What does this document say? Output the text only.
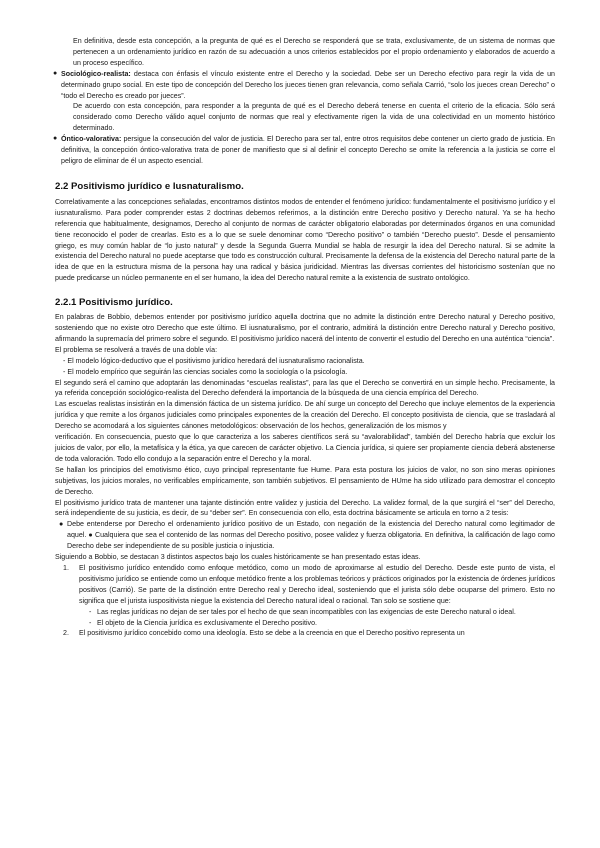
En definitiva, desde esta concepción, a la pregunta de qué es el Derecho se responderá que se trata, exclusivamente, de un sistema de normas que pertenecen a un ordenamiento jurídico en razón de su adecuación a unos criterios establecidos por el propio ordenamiento y elaborados de acuerdo a un proceso específico.

● Sociológico-realista: destaca con énfasis el vínculo existente entre el Derecho y la sociedad. Debe ser un Derecho efectivo para regir la vida de un determinado grupo social. En este tipo de concepción del Derecho los jueces tienen gran relevancia, como señala Carrió, “solo los jueces crean Derecho” o “todo el Derecho es creado por jueces”.
De acuerdo con esta concepción, para responder a la pregunta de qué es el Derecho deberá tenerse en cuenta el criterio de la eficacia. Sólo será considerado como Derecho válido aquel conjunto de normas que real y efectivamente rigen la vida de una colectividad en un momento histórico determinado.
● Óntico-valorativa: persigue la consecución del valor de justicia. El Derecho para ser tal, entre otros requisitos debe contener un cierto grado de justicia. En definitiva, la concepción óntico-valorativa trata de poner de manifiesto que si al definir el concepto Derecho se omite la referencia a la justicia se corre el peligro de eliminar de él un aspecto esencial.
2.2 Positivismo jurídico e Iusnaturalismo.

Correlativamente a las concepciones señaladas, encontramos distintos modos de entender el fenómeno jurídico: fundamentalmente el positivismo jurídico y el iusnaturalismo. Para poder comprender estas 2 doctrinas debemos referirnos, a la distinción entre Derecho positivo y Derecho natural. Ya se ha hecho referencia que habitualmente, designamos, Derecho al conjunto de normas de carácter obligatorio elaboradas por determinados órganos en una comunidad tiene reconocido el poder de crearlas. Esto es a lo que se suele denominar como “Derecho positivo” o también “Derecho puesto”. Desde el pensamiento griego, es muy común hablar de “lo justo natural” y desde la Segunda Guerra Mundial se habla de resurgir la idea del Derecho natural. Si se admite la existencia del Derecho natural no puede aceptarse que todo es construcción cultural. Precisamente la defensa de la existencia del Derecho natural parte de la idea de que en la estructura misma de la persona hay una radical y básica juridicidad. Mientras las diversas corrientes del historicismo sostenían que no puede predicarse un núcleo permanente en el ser humano, la idea del Derecho natural remite a la existencia de sustrato ontológico.

2.2.1 Positivismo jurídico.

En palabras de Bobbio, debemos entender por positivismo jurídico aquella doctrina que no admite la distinción entre Derecho natural y Derecho positivo, sosteniendo que no existe otro Derecho que este último. El iusnaturalismo, por el contrario, admitirá la distinción entre Derecho natural y Derecho positivo, afirmando la supremacía del primero sobre el segundo. El positivismo jurídico nacerá del intento de convertir el estudio del Derecho en una auténtica “ciencia”.

El problema se resolverá a través de una doble vía:

- El modelo lógico-deductivo que el positivismo jurídico heredará del iusnaturalismo racionalista.
- El modelo empírico que seguirán las ciencias sociales como la sociología o la psicología.

El segundo será el camino que adoptarán las denominadas “escuelas realistas”, para las que el Derecho se convertirá en un simple hecho. Precisamente, la ya referida concepción sociológico-realista del Derecho defenderá la importancia de la búsqueda de una ciencia empírica del Derecho.

Las escuelas realistas insistirán en la dimensión fáctica de un sistema jurídico. De ahí surge un concepto del Derecho que incluye elementos de la experiencia jurídica y que remite a los órganos judiciales como principales exponentes de la creación del Derecho. El concepto positivista de ciencia, que se trasladará al Derecho se acomodará a los siguientes cánones metodológicos: observación de los hechos, generalización de los mismos y

verificación. En consecuencia, puesto que lo que caracteriza a los saberes científicos será su “avalorabilidad”, también del Derecho habría que excluir los juicios de valor, por ello, la metafísica y la ética, ya que carecen de carácter objetivo. La Ciencia jurídica, si quiere ser propiamente ciencia deberá abstenerse de toda valoración. Todo ello condujo a la separación entre el Derecho y la moral.

Se hallan los principios del emotivismo ético, cuyo principal representante fue Hume. Para esta postura los juicios de valor, no son sino meras opiniones subjetivas, los juicios morales, no verificables empíricamente, son también subjetivos. El pensamiento de HUme ha sido utilizado para demostrar el concepto de Derecho.

El positivismo jurídico trata de mantener una tajante distinción entre validez y justicia del Derecho. La validez formal, de la que surgirá el “ser” del Derecho, será independiente de su justicia, es decir, de su “deber ser”. En consecuencia con ello, esta doctrina básicamente se articula en torno a 2 tesis:

● Debe entenderse por Derecho el ordenamiento jurídico positivo de un Estado, con negación de la existencia del Derecho natural como legitimador de aquel. ● Cualquiera que sea el contenido de las normas del Derecho positivo, posee validez y fuerza obligatoria. En definitiva, la calificación de lago como Derecho debe ser independiente de su posible justicia o injusticia.

Siguiendo a Bobbio, se destacan 3 distintos aspectos bajo los cuales históricamente se han presentado estas ideas.

1. El positivismo jurídico entendido como enfoque metódico, como un modo de aproximarse al estudio del Derecho. Desde este punto de vista, el positivismo jurídico se entiende como un enfoque metódico frente a los problemas teóricos y prácticos originados por la existencia de órdenes jurídicos positivos (Carrió). Se parte de la distinción entre Derecho real y Derecho ideal, sosteniendo que el jurista sólo debe ocuparse del primero. Esto no significa que el jurista iuspositivista niegue la existencia del Derecho natural ideal o racional. Tan solo se sostiene que:
- Las reglas jurídicas no dejan de ser tales por el hecho de que sean incompatibles con las exigencias de este Derecho natural o ideal.
- El objeto de la Ciencia jurídica es exclusivamente el Derecho positivo.
2. El positivismo jurídico concebido como una ideología. Esto se debe a la creencia en que el Derecho positivo representa un
